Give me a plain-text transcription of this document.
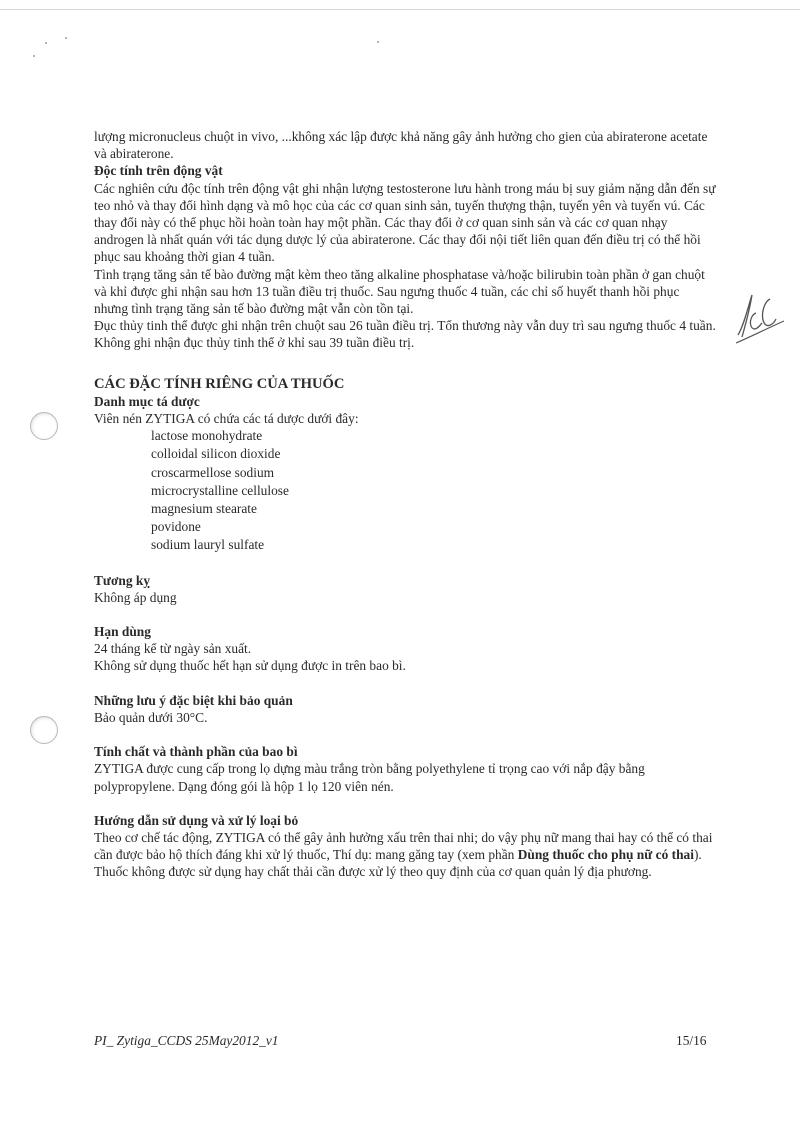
lượng micronucleus chuột in vivo, ...không xác lập được khả năng gây ảnh hưởng cho gien của abiraterone acetate và abiraterone.

Độc tính trên động vật

Các nghiên cứu độc tính trên động vật ghi nhận lượng testosterone lưu hành trong máu bị suy giảm nặng dẫn đến sự teo nhỏ và thay đổi hình dạng và mô học của các cơ quan sinh sản, tuyến thượng thận, tuyến yên và tuyến vú. Các thay đổi này có thể phục hồi hoàn toàn hay một phần. Các thay đổi ở cơ quan sinh sản và các cơ quan nhạy androgen là nhất quán với tác dụng dược lý của abiraterone. Các thay đổi nội tiết liên quan đến điều trị có thể hồi phục sau khoảng thời gian 4 tuần.

Tình trạng tăng sản tế bào đường mật kèm theo tăng alkaline phosphatase và/hoặc bilirubin toàn phần ở gan chuột và khỉ được ghi nhận sau hơn 13 tuần điều trị thuốc. Sau ngưng thuốc 4 tuần, các chỉ số huyết thanh hồi phục nhưng tình trạng tăng sản tế bào đường mật vẫn còn tồn tại.

Đục thủy tinh thể được ghi nhận trên chuột sau 26 tuần điều trị. Tổn thương này vẫn duy trì sau ngưng thuốc 4 tuần. Không ghi nhận đục thủy tinh thể ở khỉ sau 39 tuần điều trị.

CÁC ĐẶC TÍNH RIÊNG CỦA THUỐC

Danh mục tá dược

Viên nén ZYTIGA có chứa các tá dược dưới đây:

lactose monohydrate
colloidal silicon dioxide
croscarmellose sodium
microcrystalline cellulose
magnesium stearate
povidone
sodium lauryl sulfate

Tương kỵ

Không áp dụng

Hạn dùng

24 tháng kể từ ngày sản xuất.

Không sử dụng thuốc hết hạn sử dụng được in trên bao bì.

Những lưu ý đặc biệt khi bảo quản

Bảo quản dưới 30°C.

Tính chất và thành phần của bao bì

ZYTIGA được cung cấp trong lọ dựng màu trắng tròn bằng polyethylene tỉ trọng cao với nắp đậy bằng polypropylene. Dạng đóng gói là hộp 1 lọ 120 viên nén.

Hướng dẫn sử dụng và xử lý loại bỏ

Theo cơ chế tác động, ZYTIGA có thể gây ảnh hưởng xấu trên thai nhi; do vậy phụ nữ mang thai hay có thể có thai cần được bảo hộ thích đáng khi xử lý thuốc, Thí dụ: mang găng tay (xem phần Dùng thuốc cho phụ nữ có thai).

Thuốc không được sử dụng hay chất thải cần được xử lý theo quy định của cơ quan quản lý địa phương.

PI_ Zytiga_CCDS 25May2012_v1	15/16
